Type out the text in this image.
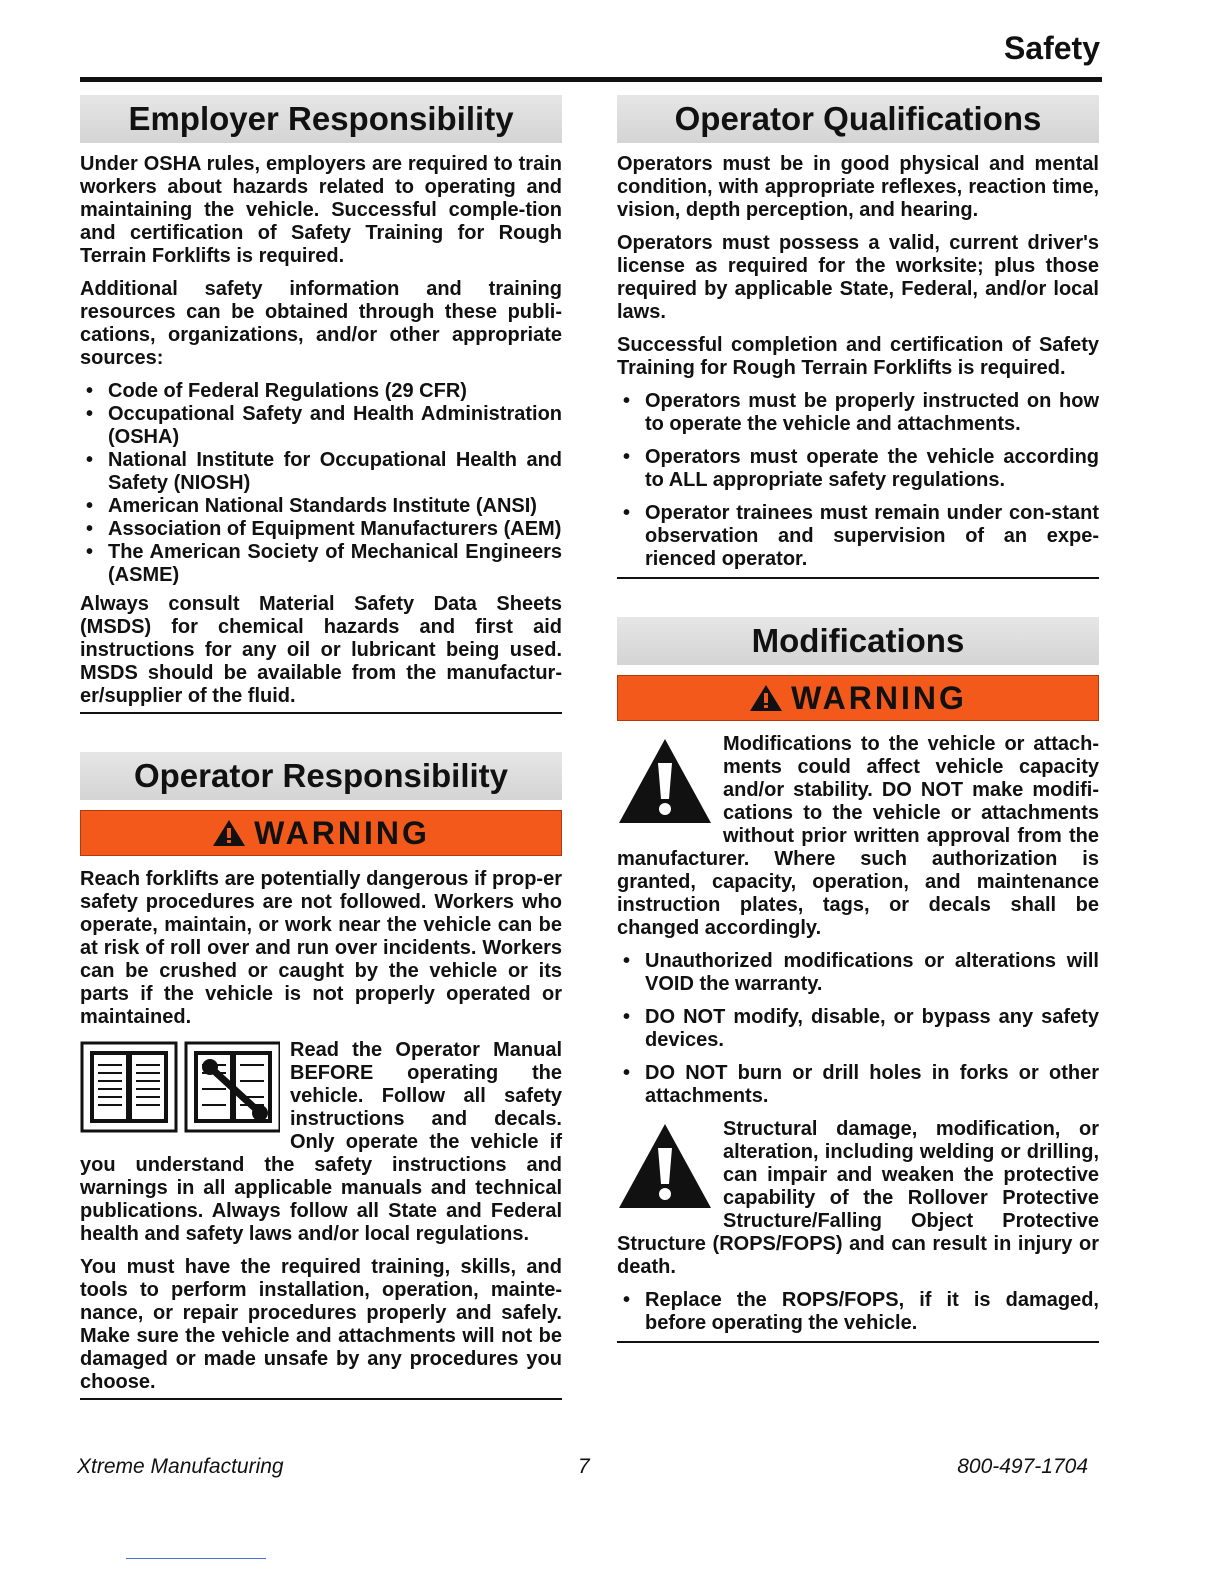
Safety
Employer Responsibility

Under OSHA rules, employers are required to train workers about hazards related to operating and maintaining the vehicle. Successful comple-tion and certification of Safety Training for Rough Terrain Forklifts is required.

Additional safety information and training resources can be obtained through these publi-cations, organizations, and/or other appropriate sources:

• Code of Federal Regulations (29 CFR)
• Occupational Safety and Health Administration (OSHA)
• National Institute for Occupational Health and Safety (NIOSH)
• American National Standards Institute (ANSI)
• Association of Equipment Manufacturers (AEM)
• The American Society of Mechanical Engineers (ASME)

Always consult Material Safety Data Sheets (MSDS) for chemical hazards and first aid instructions for any oil or lubricant being used. MSDS should be available from the manufactur-er/supplier of the fluid.

Operator Responsibility
WARNING

Reach forklifts are potentially dangerous if prop-er safety procedures are not followed. Workers who operate, maintain, or work near the vehicle can be at risk of roll over and run over incidents. Workers can be crushed or caught by the vehicle or its parts if the vehicle is not properly operated or maintained.

Read the Operator Manual BEFORE operating the vehicle. Follow all safety instructions and decals. Only operate the vehicle if you understand the safety instructions and warnings in all applicable manuals and technical publications. Always follow all State and Federal health and safety laws and/or local regulations.

You must have the required training, skills, and tools to perform installation, operation, mainte-nance, or repair procedures properly and safely. Make sure the vehicle and attachments will not be damaged or made unsafe by any procedures you choose.

Operator Qualifications

Operators must be in good physical and mental condition, with appropriate reflexes, reaction time, vision, depth perception, and hearing.

Operators must possess a valid, current driver's license as required for the worksite; plus those required by applicable State, Federal, and/or local laws.

Successful completion and certification of Safety Training for Rough Terrain Forklifts is required.

• Operators must be properly instructed on how to operate the vehicle and attachments.
• Operators must operate the vehicle according to ALL appropriate safety regulations.
• Operator trainees must remain under con-stant observation and supervision of an expe-rienced operator.
Modifications
WARNING

Modifications to the vehicle or attach-ments could affect vehicle capacity and/or stability. DO NOT make modifi-cations to the vehicle or attachments without prior written approval from the manufacturer. Where such authorization is granted, capacity, operation, and maintenance instruction plates, tags, or decals shall be changed accordingly.

• Unauthorized modifications or alterations will VOID the warranty.
• DO NOT modify, disable, or bypass any safety devices.
• DO NOT burn or drill holes in forks or other attachments.

Structural damage, modification, or alteration, including welding or drilling, can impair and weaken the protective capability of the Rollover Protective Structure/Falling Object Protective Structure (ROPS/FOPS) and can result in injury or death.

• Replace the ROPS/FOPS, if it is damaged, before operating the vehicle.
Xtreme Manufacturing	7	800-497-1704
